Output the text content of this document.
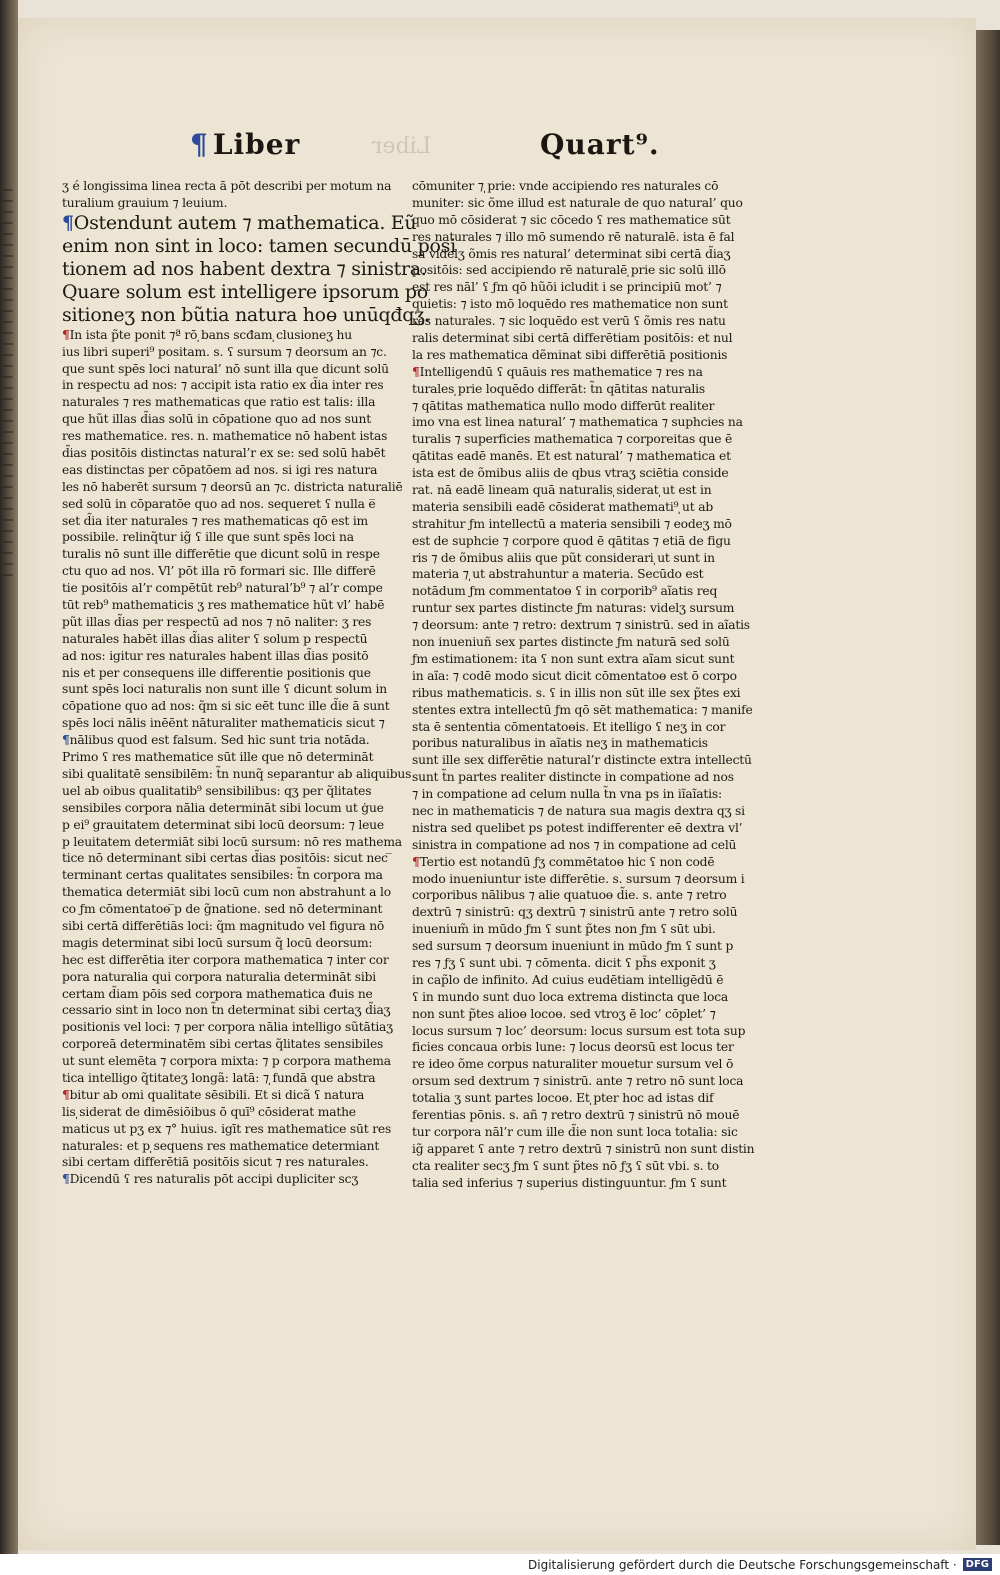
¶ Liber	Liber	Quart⁹.
ʒ é longissima linea recta ā pōt describi per motum na
turalium grauium ⁊ leuium.
¶Ostendunt autem ⁊ mathematica. Eũ
enim non sint in loco: tamen secundū posi
tionem ad nos habent dextra ⁊ sinistra.
Quare solum est intelligere ipsorum po
sitioneʒ non bũtia natura hoɵ unūqđqʒ.
¶In ista p̃te ponit ⁊ª rō ̩bans scđam ̩clusioneʒ hu
ius libri superi⁹ positam. s. ʕ sursum ⁊ deorsum an ⁊c.
que sunt spēs loci natural’ nō sunt illa que dicunt solū
in respectu ad nos: ⁊ accipit ista ratio ex d̃ia inter res
naturales ⁊ res mathematicas que ratio est talis: illa
que hũt illas d̃ias solū in cōpatione quo ad nos sunt
res mathematice. res. n. mathematice nō habent istas
d̃ias positōis distinctas natural’r ex se: sed solū habēt
eas distinctas per cōpatōem ad nos. si igi res natura
les nō haberēt sursum ⁊ deorsū an ⁊c. districta naturaliē
sed solū in cōparatōe quo ad nos. sequeret ʕ nulla e̅
set d̃ia iter naturales ⁊ res mathematicas qō est im
possibile. relinq̃tur ig̃ ʕ ille que sunt spēs loci na
turalis nō sunt ille differētie que dicunt solū in respe
ctu quo ad nos. Vl’ pōt illa rō formari sic. Ille differē
tie positōis al’r compētūt reb⁹ natural’b⁹ ⁊ al’r compe
tūt reb⁹ mathematicis ʒ res mathematice hũt vl’ habē
pũt illas d̃ias per respectū ad nos ⁊ nō naliter: ʒ res
naturales habēt illas d̃ias aliter ʕ solum p respectū
ad nos: igitur res naturales habent illas d̃ias positō
nis et per consequens ille differentie positionis que
sunt spēs loci naturalis non sunt ille ʕ dicunt solum in
cōpatione quo ad nos: q̃m si sic eēt tunc ille d̃ie ā sunt
spēs loci nālis inēēnt nāturaliter mathematicis sicut ⁊
¶nālibus quod est falsum. Sed hic sunt tria notāda.
Primo ʕ res mathematice sūt ille que nō determināt
sibi qualitatē sensibilēm: t̃n nunq̃ separantur ab aliquibus
uel ab oibus qualitatib⁹ sensibilibus: qʒ per q̃litates
sensibiles corpora nālia determināt sibi locum ut ġue
p ei⁹ grauitatem determinat sibi locū deorsum: ⁊ leue
p leuitatem determiāt sibi locū sursum: nō res mathema
tice nō determinant sibi certas d̃ias positōis: sicut nec ̅
terminant certas qualitates sensibiles: t̃n corpora ma
thematica determiāt sibi locū cum non abstrahunt a lo
co ƒm cōmentatoɵ ̅p de g̃natione. sed nō determinant
sibi certā differētiās loci: q̃m magnitudo vel figura nō
magis determinat sibi locū sursum q̃ locū deorsum:
hec est differētia iter corpora mathematica ⁊ inter cor
pora naturalia qui corpora naturalia determināt sibi
certam d̃iam pōis sed corpora mathematica đuis ne
cessario sint in loco non t̃n determinat sibi certaʒ d̃iaʒ
positionis vel loci: ⁊ per corpora nālia intelligo sũtātiaʒ
corporeā determinatēm sibi certas q̃litates sensibiles
ut sunt elemēta ⁊ corpora mixta: ⁊ p corpora mathema
tica intelligo q̃titateʒ longã: latā: ⁊ ̩fundā que abstra
¶bitur ab omi qualitate sēsibili. Et si dicã ʕ natura
lis ̩siderat de dimēsiōibus ō quī⁹ cōsiderat mathe
maticus ut pʒ ex ⁊° huius. igīt res mathematice sūt res
naturales: et p ̩sequens res mathematice determiant
sibi certam differētiā positōis sicut ⁊ res naturales.
¶Dicendū ʕ res naturalis pōt accipi dupliciter scʒ
cōmuniter ⁊ ̩prie: vnde accipiendo res naturales cō
muniter: sic õme illud est naturale de quo natural’ quo
quo mō cōsiderat ⁊ sic cōcedo ʕ res mathematice sūt
res naturales ⁊ illo mō sumendo rē naturalē. ista ē fal
sa videlʒ õmis res natural’ determinat sibi certā d̃iaʒ
positōis: sed accipiendo rē naturalē ̩prie sic solū illō
est res nāl’ ʕ ƒm qō hũōi icludit i se principiū mot’ ⁊
quietis: ⁊ isto mō loquēdo res mathematice non sunt
res naturales. ⁊ sic loquēdo est verū ʕ õmis res natu
ralis determinat sibi certā differētiam positōis: et nul
la res mathematica dẽminat sibi differētiā positionis
¶Intelligendū ʕ quāuis res mathematice ⁊ res na
turales ̩prie loquēdo differāt: t̃n qātitas naturalis
⁊ qātitas mathematica nullo modo differūt realiter
imo vna est linea natural’ ⁊ mathematica ⁊ suphcies na
turalis ⁊ superficies mathematica ⁊ corporeitas que ē
qātitas eadē manēs. Et est natural’ ⁊ mathematica et
ista est de õmibus aliis de qbus vtraʒ sciētia conside
rat. nā eadē lineam quā naturalis ̩siderat ̩ut est in
materia sensibili eadē cōsiderat mathemati⁹ ̩ut ab
strahitur ƒm intellectū a materia sensibili ⁊ eodeʒ mō
est de suphcie ⁊ corpore quod ē qātitas ⁊ etiā de figu
ris ⁊ de õmibus aliis que pũt considerari ̩ut sunt in
materia ⁊ ̩ut abstrahuntur a materia. Secūdo est
notādum ƒm commentatoɵ ʕ in corporib⁹ aĩatis req
runtur sex partes distincte ƒm naturas: videlʒ sursum
⁊ deorsum: ante ⁊ retro: dextrum ⁊ sinistrū. sed in aĩatis
non inueniuñ sex partes distincte ƒm naturā sed solū
ƒm estimationem: ita ʕ non sunt extra aĩam sicut sunt
in aĩa: ⁊ codē modo sicut dicit cōmentatoɵ est ō corpo
ribus mathematicis. s. ʕ in illis non sūt ille sex p̃tes exi
stentes extra intellectū ƒm qō sēt mathematica: ⁊ manife
sta ē sententia cōmentatoɵis. Et itelligo ʕ neʒ in cor
poribus naturalibus in aĩatis neʒ in mathematicis
sunt ille sex differētie natural’r distincte extra intellectū
sunt t̃n partes realiter distincte in compatione ad nos
⁊ in compatione ad celum nulla t̃n vna ps in iĩaĩatis:
nec in mathematicis ⁊ de natura sua magis dextra qʒ si
nistra sed quelibet ps potest indifferenter eē dextra vl’
sinistra in compatione ad nos ⁊ in compatione ad celū
¶Tertio est notandū ƒʒ commētatoɵ hic ʕ non codē
modo inueniuntur iste differētie. s. sursum ⁊ deorsum i
corporibus nālibus ⁊ alie quatuoɵ d̃ie. s. ante ⁊ retro
dextrū ⁊ sinistrū: qʒ dextrū ⁊ sinistrū ante ⁊ retro solū
inuenium̃ in mūdo ƒm ʕ sunt p̃tes non ƒm ʕ sūt ubi.
sed sursum ⁊ deorsum inueniunt in mūdo ƒm ʕ sunt p
res ⁊ ƒʒ ʕ sunt ubi. ⁊ cōmenta. dicit ʕ ph̃s exponit ʒ
in cap̃lo de infinito. Ad cuius eudētiam intelligēdū ē
ʕ in mundo sunt duo loca extrema distincta que loca
non sunt p̃tes alioɵ locoɵ. sed vtroʒ ē loc’ cōplet’ ⁊
locus sursum ⁊ loc’ deorsum: locus sursum est tota sup
ficies concaua orbis lune: ⁊ locus deorsū est locus ter
re ideo õme corpus naturaliter mouetur sursum vel ō
orsum sed dextrum ⁊ sinistrū. ante ⁊ retro nō sunt loca
totalia ʒ sunt partes locoɵ. Et ̩pter hoc ad istas dif
ferentias pōnis. s. añ ⁊ retro dextrū ⁊ sinistrū nō mouē
tur corpora nāl’r cum ille d̃ie non sunt loca totalia: sic
ig̃ apparet ʕ ante ⁊ retro dextrū ⁊ sinistrū non sunt distin
cta realiter secʒ ƒm ʕ sunt p̃tes nō ƒʒ ʕ sūt vbi. s. to
talia sed inferius ⁊ superius distinguuntur. ƒm ʕ sunt
Digitalisierung gefördert durch die Deutsche Forschungsgemeinschaft · DFG
